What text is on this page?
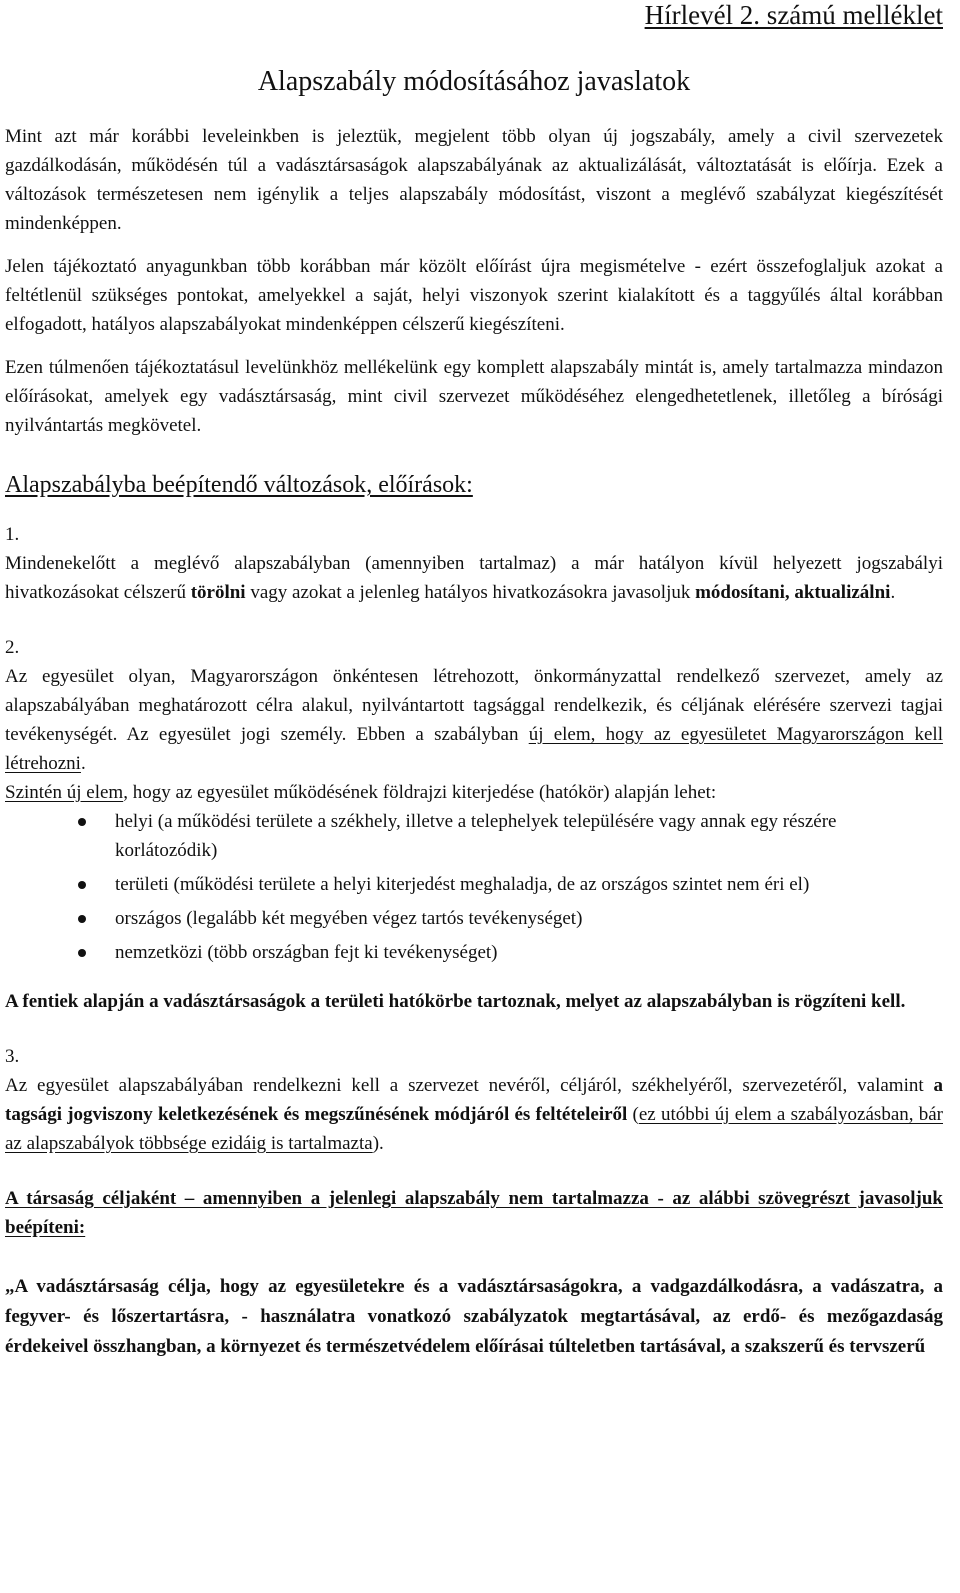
Hírlevél 2. számú melléklet
Alapszabály módosításához javaslatok

Mint azt már korábbi leveleinkben is jeleztük, megjelent több olyan új jogszabály, amely a civil szervezetek gazdálkodásán, működésén túl a vadásztársaságok alapszabályának az aktualizálását, változtatását is előírja. Ezek a változások természetesen nem igénylik a teljes alapszabály módosítást, viszont a meglévő szabályzat kiegészítését mindenképpen.

Jelen tájékoztató anyagunkban több korábban már közölt előírást újra megismételve - ezért összefoglaljuk azokat a feltétlenül szükséges pontokat, amelyekkel a saját, helyi viszonyok szerint kialakított és a taggyűlés által korábban elfogadott, hatályos alapszabályokat mindenképpen célszerű kiegészíteni.

Ezen túlmenően tájékoztatásul levelünkhöz mellékelünk egy komplett alapszabály mintát is, amely tartalmazza mindazon előírásokat, amelyek egy vadásztársaság, mint civil szervezet működéséhez elengedhetetlenek, illetőleg a bírósági nyilvántartás megkövetel.

Alapszabályba beépítendő változások, előírások:

1.

Mindenekelőtt a meglévő alapszabályban (amennyiben tartalmaz) a már hatályon kívül helyezett jogszabályi hivatkozásokat célszerű törölni vagy azokat a jelenleg hatályos hivatkozásokra javasoljuk módosítani, aktualizálni.

2.

Az egyesület olyan, Magyarországon önkéntesen létrehozott, önkormányzattal rendelkező szervezet, amely az alapszabályában meghatározott célra alakul, nyilvántartott tagsággal rendelkezik, és céljának elérésére szervezi tagjai tevékenységét. Az egyesület jogi személy. Ebben a szabályban új elem, hogy az egyesületet Magyarországon kell létrehozni.

Szintén új elem, hogy az egyesület működésének földrajzi kiterjedése (hatókör) alapján lehet:

helyi (a működési területe a székhely, illetve a telephelyek településére vagy annak egy részére korlátozódik)
területi (működési területe a helyi kiterjedést meghaladja, de az országos szintet nem éri el)
országos (legalább két megyében végez tartós tevékenységet)
nemzetközi (több országban fejt ki tevékenységet)

A fentiek alapján a vadásztársaságok a területi hatókörbe tartoznak, melyet az alapszabályban is rögzíteni kell.

3.

Az egyesület alapszabályában rendelkezni kell a szervezet nevéről, céljáról, székhelyéről, szervezetéről, valamint a tagsági jogviszony keletkezésének és megszűnésének módjáról és feltételeiről (ez utóbbi új elem a szabályozásban, bár az alapszabályok többsége ezidáig is tartalmazta).

A társaság céljaként – amennyiben a jelenlegi alapszabály nem tartalmazza - az alábbi szövegrészt javasoljuk beépíteni:

„A vadásztársaság célja, hogy az egyesületekre és a vadásztársaságokra, a vadgazdálkodásra, a vadászatra, a fegyver- és lőszertartásra, - használatra vonatkozó szabályzatok megtartásával, az erdő- és mezőgazdaság érdekeivel összhangban, a környezet és természetvédelem előírásai túlteletben tartásával, a szakszerű és tervszerű
